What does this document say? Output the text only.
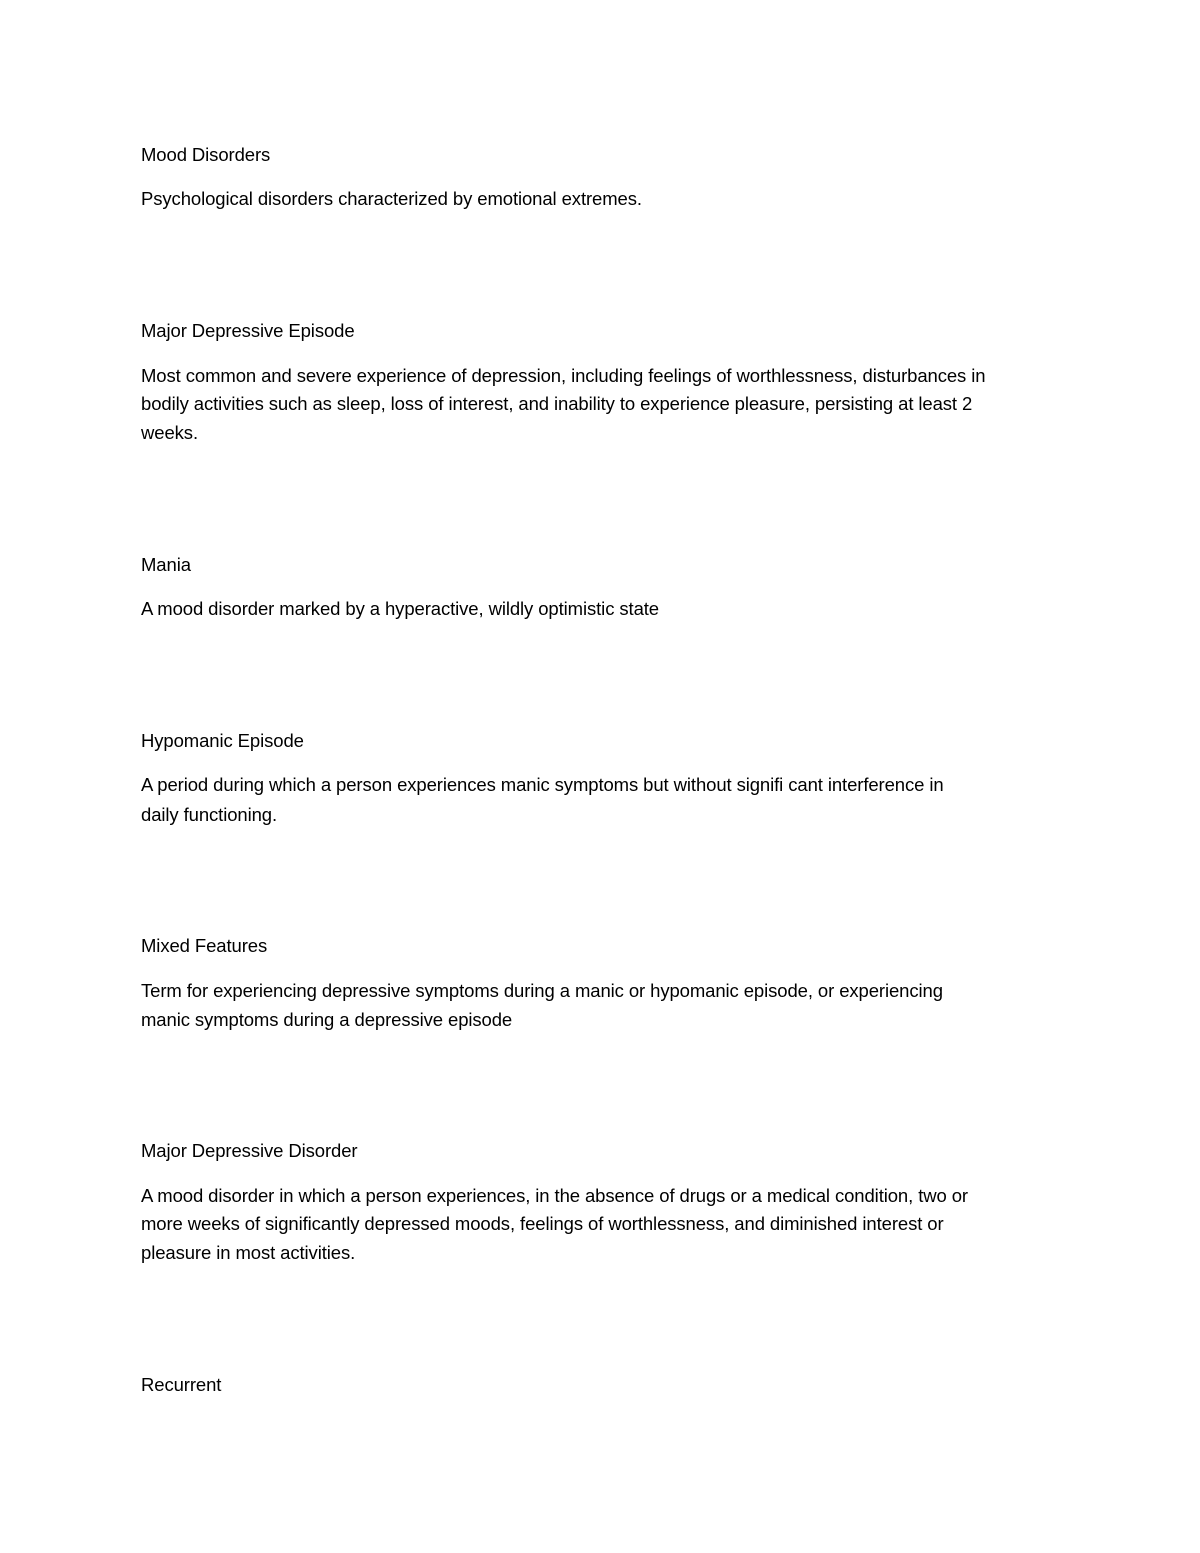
Mood Disorders
Psychological disorders characterized by emotional extremes.
Major Depressive Episode
Most common and severe experience of depression, including feelings of worthlessness, disturbances in
bodily activities such as sleep, loss of interest, and inability to experience pleasure, persisting at least 2
weeks.
Mania
A mood disorder marked by a hyperactive, wildly optimistic state
Hypomanic Episode
A period during which a person experiences manic symptoms but without signifi cant interference in
daily functioning.
Mixed Features
Term for experiencing depressive symptoms during a manic or hypomanic episode, or experiencing
manic symptoms during a depressive episode
Major Depressive Disorder
A mood disorder in which a person experiences, in the absence of drugs or a medical condition, two or
more weeks of significantly depressed moods, feelings of worthlessness, and diminished interest or
pleasure in most activities.
Recurrent
